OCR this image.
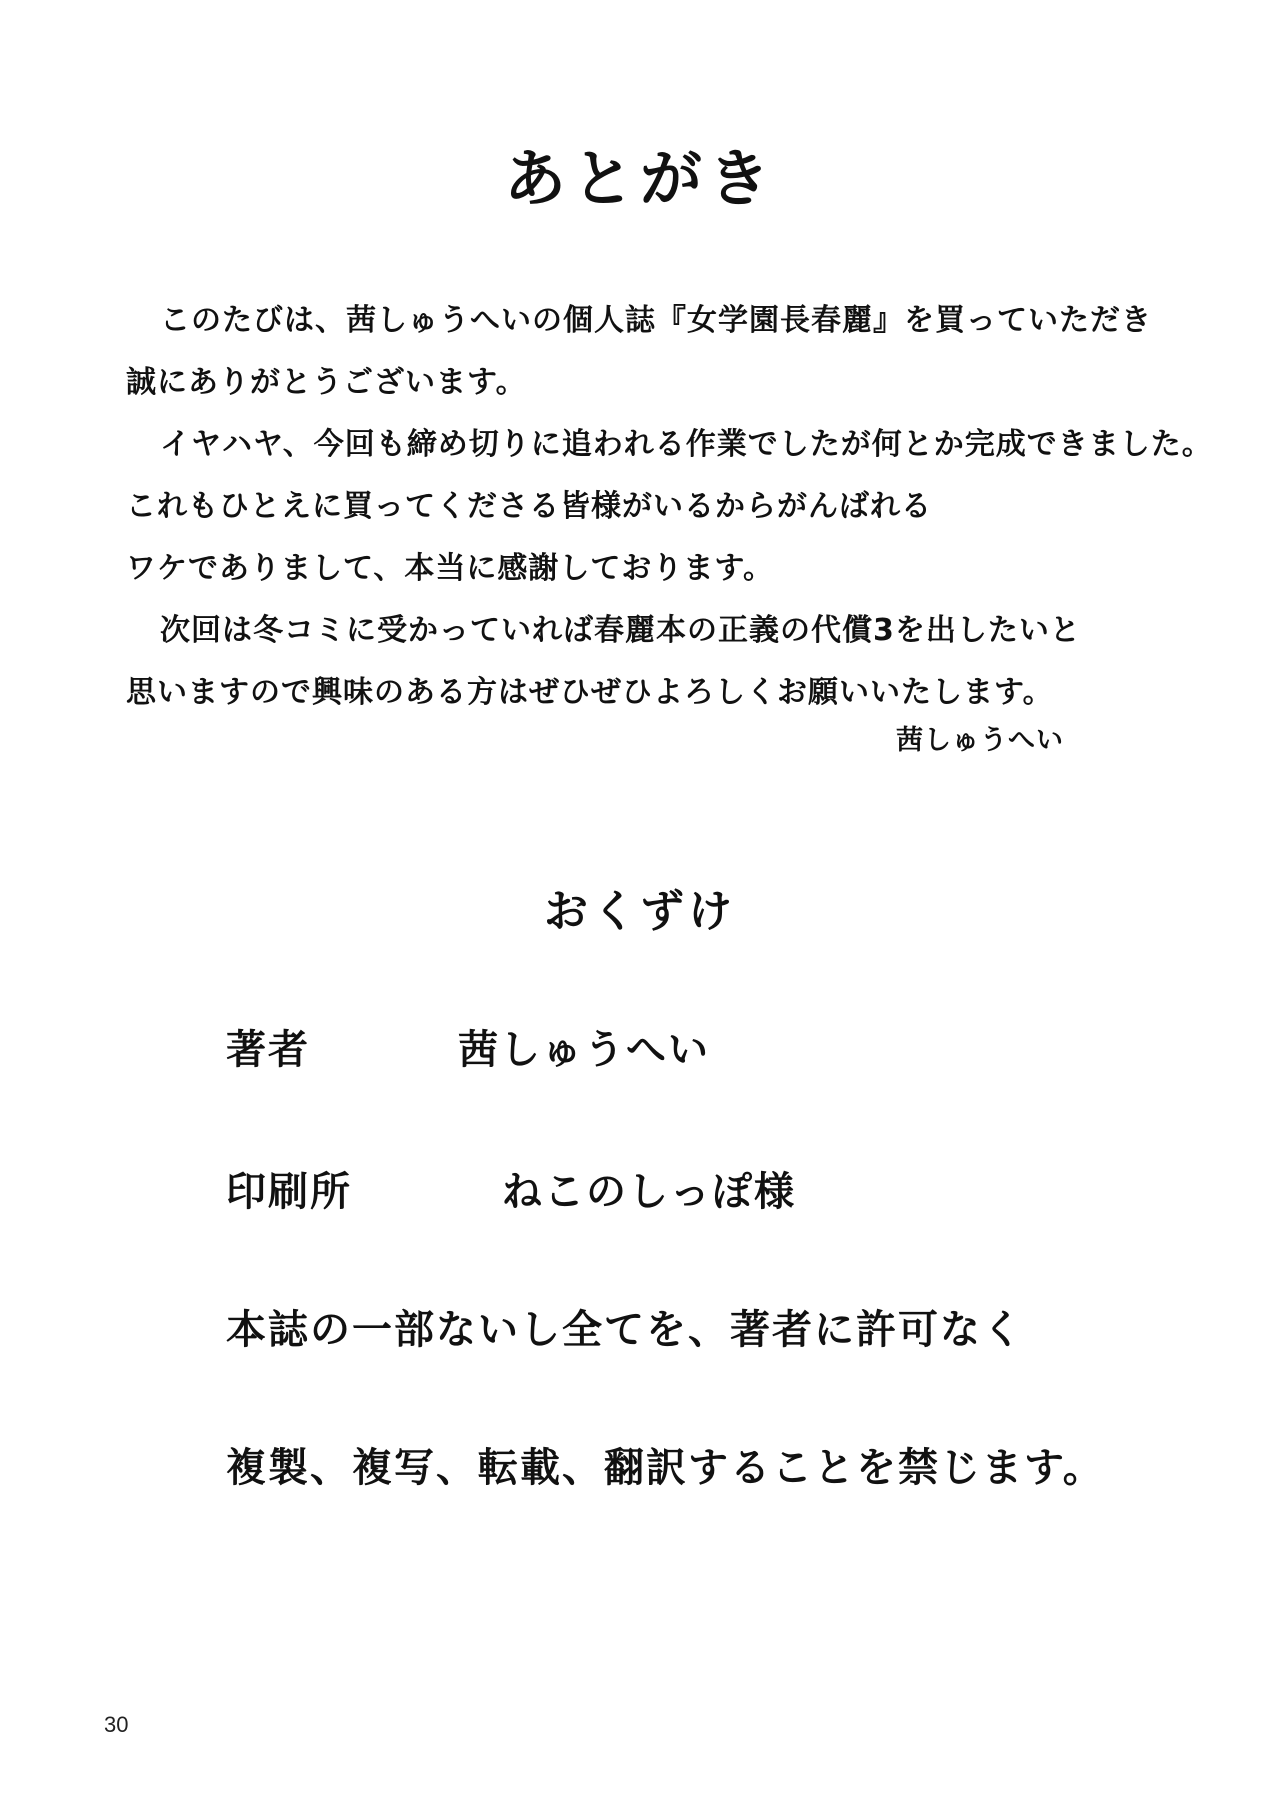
あとがき
このたびは、茜しゅうへいの個人誌『女学園長春麗』を買っていただき
誠にありがとうございます。
イヤハヤ、今回も締め切りに追われる作業でしたが何とか完成できました。
これもひとえに買ってくださる皆様がいるからがんばれる
ワケでありまして、本当に感謝しております。
次回は冬コミに受かっていれば春麗本の正義の代償3を出したいと
思いますので興味のある方はぜひぜひよろしくお願いいたします。
茜しゅうへい
おくずけ
著者	茜しゅうへい
印刷所	ねこのしっぽ様
本誌の一部ないし全てを、著者に許可なく
複製、複写、転載、翻訳することを禁じます。
30
